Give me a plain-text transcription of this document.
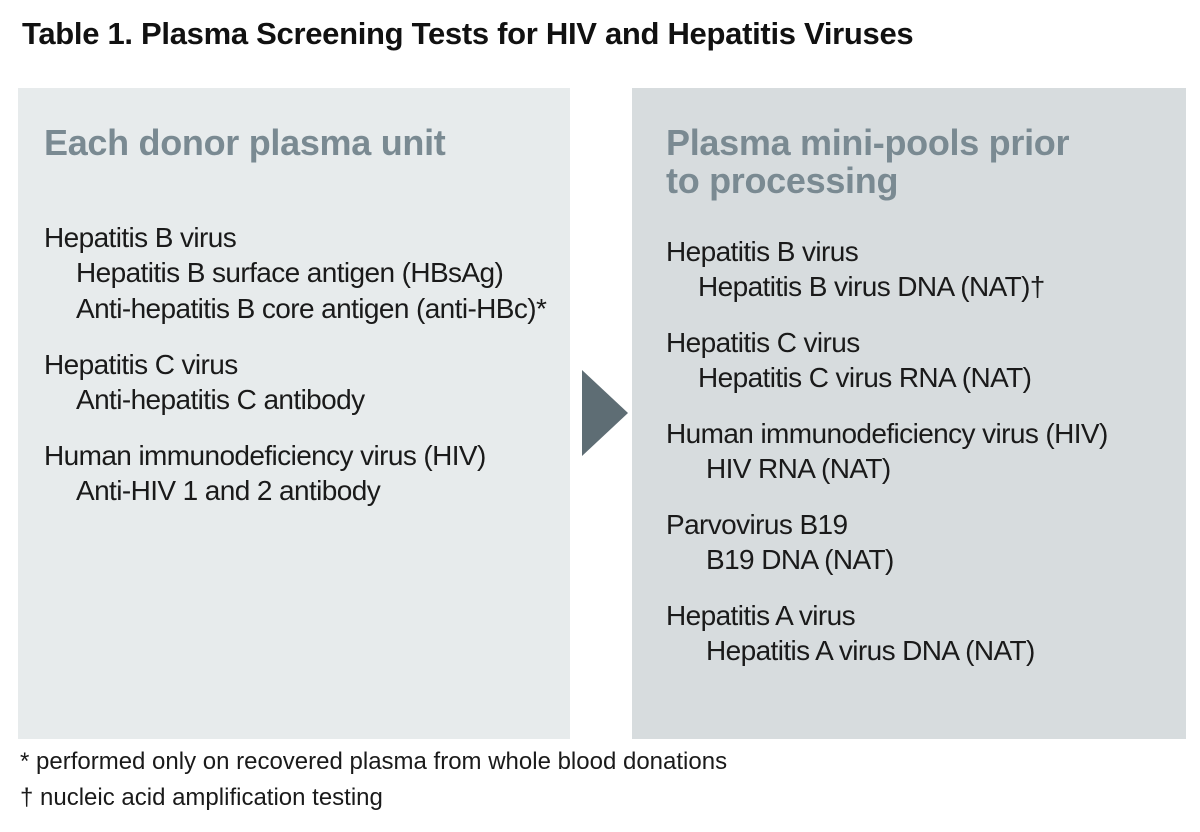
Table 1. Plasma Screening Tests for HIV and Hepatitis Viruses
Each donor plasma unit
Hepatitis B virus
Hepatitis B surface antigen (HBsAg)
Anti-hepatitis B core antigen (anti-HBc)*
Hepatitis C virus
Anti-hepatitis C antibody
Human immunodeficiency virus (HIV)
Anti-HIV 1 and 2 antibody
Plasma mini-pools prior
to processing
Hepatitis B virus
Hepatitis B virus DNA (NAT)†
Hepatitis C virus
Hepatitis C virus RNA (NAT)
Human immunodeficiency virus (HIV)
HIV RNA (NAT)
Parvovirus B19
B19 DNA (NAT)
Hepatitis A virus
Hepatitis A virus DNA (NAT)
* performed only on recovered plasma from whole blood donations
† nucleic acid amplification testing
